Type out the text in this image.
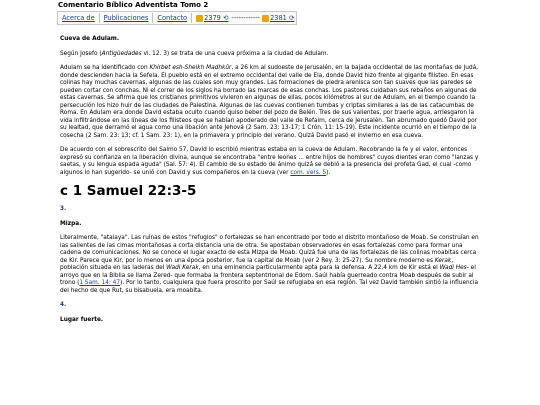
Comentario Bíblico Adventista Tomo 2
Acerca de	Publicaciones	Contacto	2379 ⟲ ------------ 2381 ⟳

Cueva de Adulam.

Según Josefo (Antigüedades vi. 12. 3) se trata de una cueva próxima a la ciudad de Adulam.

Adulam se ha identificado con Khirbet esh-Sheikh Madhkûr, a 26 km al sudoeste de Jerusalén, en la bajada occidental de las montañas de Judá, donde descienden hacia la Sefela. El pueblo está en el extremo occidental del valle de Ela, donde David hizo frente al gigante filisteo. En esas colinas hay muchas cavernas, algunas de las cuales son muy grandes. Las formaciones de piedra arenisca son tan suaves que las paredes se pueden cortar con conchas. Ni el correr de los siglos ha borrado las marcas de esas conchas. Los pastores cuidaban sus rebaños en algunas de estas cavernas. Se afirma que los cristianos primitivos vivieron en algunas de ellas, pocos kilómetros al sur de Adulam, en el tiempo cuando la persecución los hizo huir de las ciudades de Palestina. Algunas de las cuevas contienen tumbas y criptas similares a las de las catacumbas de Roma. En Adulam era donde David estaba oculto cuando quiso beber del pozo de Belén. Tres de sus valientes, por traerle agua, arriesgaron la vida infiltrándose en las líneas de los filisteos que se habían apoderado del valle de Refaim, cerca de Jerusalén. Tan abrumado quedó David por su lealtad, que derramó el agua como una libación ante Jehová (2 Sam. 23: 13-17; 1 Crón. 11: 15-19). Este incidente ocurrió en el tiempo de la cosecha (2 Sam. 23: 13; cf. 1 Sam. 23: 1), en la primavera y principio del verano. Quizá David pasó el invierno en esa cueva.

De acuerdo con el sobrescrito del Salmo 57, David lo escribió mientras estaba en la cueva de Adulam. Recobrando la fe y el valor, entonces expresó su confianza en la liberación divina, aunque se encontraba "entre leones ... entre hijos de hombres" cuyos dientes eran como "lanzas y saetas, y su lengua espada aguda" (Sal. 57: 4). El cambio de su estado de ánimo quizá se debió a la presencia del profeta Gad, el cual -como algunos lo han sugerido- se unió con David y sus compañeros en la cueva (ver com. vers. 5).

c 1 Samuel 22:3-5

3.

Mizpa.

Literalmente, "atalaya". Las ruinas de estos "refugios" o fortalezas se han encontrado por todo el distrito montañoso de Moab. Se construían en las salientes de las cimas montañosas a corta distancia una de otra. Se apostaban observadores en esas fortalezas como para formar una cadena de comunicaciones. No se conoce el lugar exacto de esta Mizpa de Moab. Quizá fue una de las fortalezas de las colinas moabitas cerca de Kir. Parece que Kir, por lo menos en una época posterior, fue la capital de Moab (ver 2 Rey. 3: 25-27). Su nombre moderno es Kerak, población situada en las laderas del Wadi Kerak, en una eminencia particularmente apta para la defensa. A 22,4 km de Kir está el Wadi Hes- el arroyo que en la Biblia se llama Zered- que formaba la frontera septentrional de Edom. Saúl había guerreado contra Moab después de subir al trono (1 Sam. 14: 47). Por lo tanto, cualquiera que fuera proscrito por Saúl se refugiaba en esa región. Tal vez David también sintió la influencia del hecho de que Rut, su bisabuela, era moabita.

4.

Lugar fuerte.
